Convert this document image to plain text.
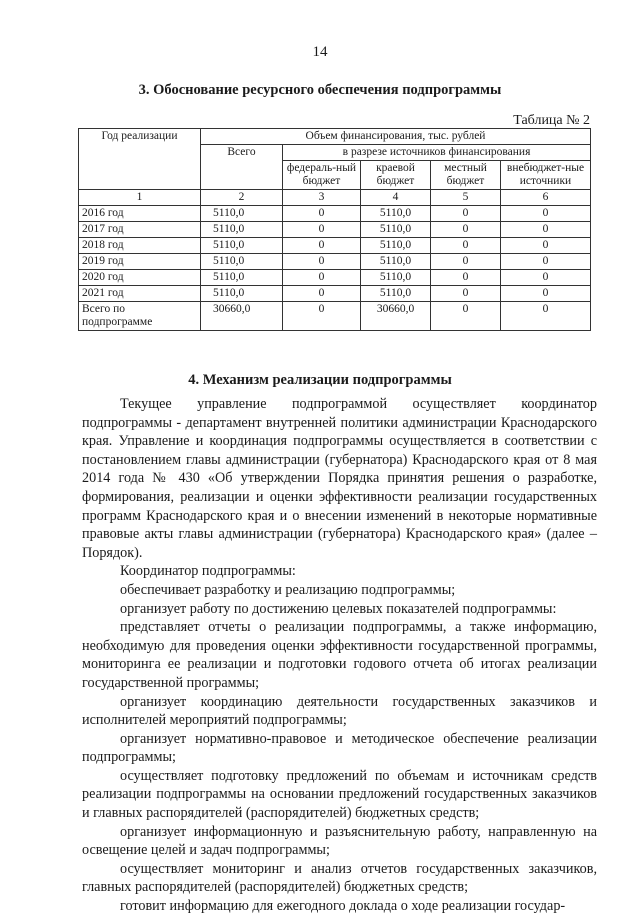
14
3. Обоснование ресурсного обеспечения подпрограммы
Таблица № 2
Год реализации	Объем финансирования, тыс. рублей				
	Всего	в разрезе источников финансирования			
		федераль-ный бюджет	краевой бюджет	местный бюджет	внебюджет-ные источники
1	2	3	4	5	6
2016 год	5110,0	0	5110,0	0	0
2017 год	5110,0	0	5110,0	0	0
2018 год	5110,0	0	5110,0	0	0
2019 год	5110,0	0	5110,0	0	0
2020 год	5110,0	0	5110,0	0	0
2021 год	5110,0	0	5110,0	0	0
Всего по подпрограмме	30660,0	0	30660,0	0	0
4. Механизм реализации подпрограммы

Текущее управление подпрограммой осуществляет координатор подпрограммы - департамент внутренней политики администрации Краснодарского края. Управление и координация подпрограммы осуществляется в соответствии с постановлением главы администрации (губернатора) Краснодарского края от 8 мая 2014 года № 430 «Об утверждении Порядка принятия решения о разработке, формирования, реализации и оценки эффективности реализации государственных программ Краснодарского края и о внесении изменений в некоторые нормативные правовые акты главы администрации (губернатора) Краснодарского края» (далее – Порядок).

Координатор подпрограммы:

обеспечивает разработку и реализацию подпрограммы;

организует работу по достижению целевых показателей подпрограммы:

представляет отчеты о реализации подпрограммы, а также информацию, необходимую для проведения оценки эффективности государственной программы, мониторинга ее реализации и подготовки годового отчета об итогах реализации государственной программы;

организует координацию деятельности государственных заказчиков и исполнителей мероприятий подпрограммы;

организует нормативно-правовое и методическое обеспечение реализации подпрограммы;

осуществляет подготовку предложений по объемам и источникам средств реализации подпрограммы на основании предложений государственных заказчиков и главных распорядителей (распорядителей) бюджетных средств;

организует информационную и разъяснительную работу, направленную на освещение целей и задач подпрограммы;

осуществляет мониторинг и анализ отчетов государственных заказчиков, главных распорядителей (распорядителей) бюджетных средств;

готовит информацию для ежегодного доклада о ходе реализации государ-
